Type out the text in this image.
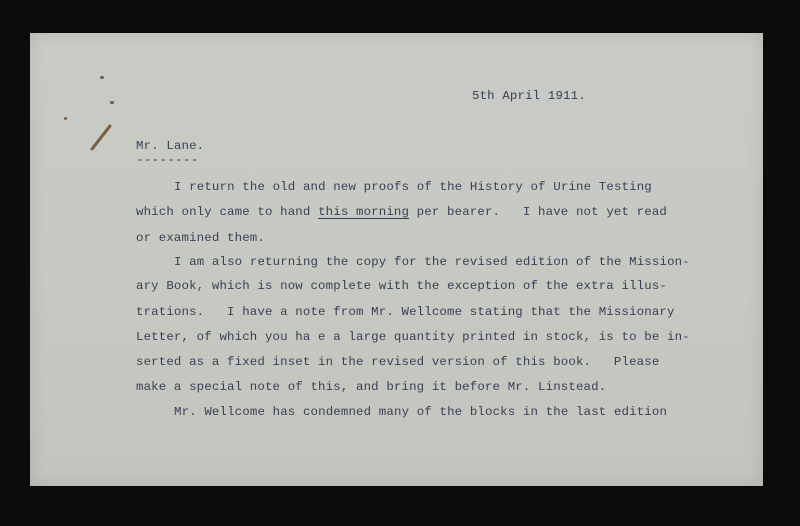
5th April 1911.
Mr. Lane.
--------
I return the old and new proofs of the History of Urine Testing
which only came to hand this morning per bearer.   I have not yet read
or examined them.
I am also returning the copy for the revised edition of the Mission-
ary Book, which is now complete with the exception of the extra illus-
trations.   I have a note from Mr. Wellcome stating that the Missionary
Letter, of which you ha e a large quantity printed in stock, is to be in-
serted as a fixed inset in the revised version of this book.   Please
make a special note of this, and bring it before Mr. Linstead.
Mr. Wellcome has condemned many of the blocks in the last edition
